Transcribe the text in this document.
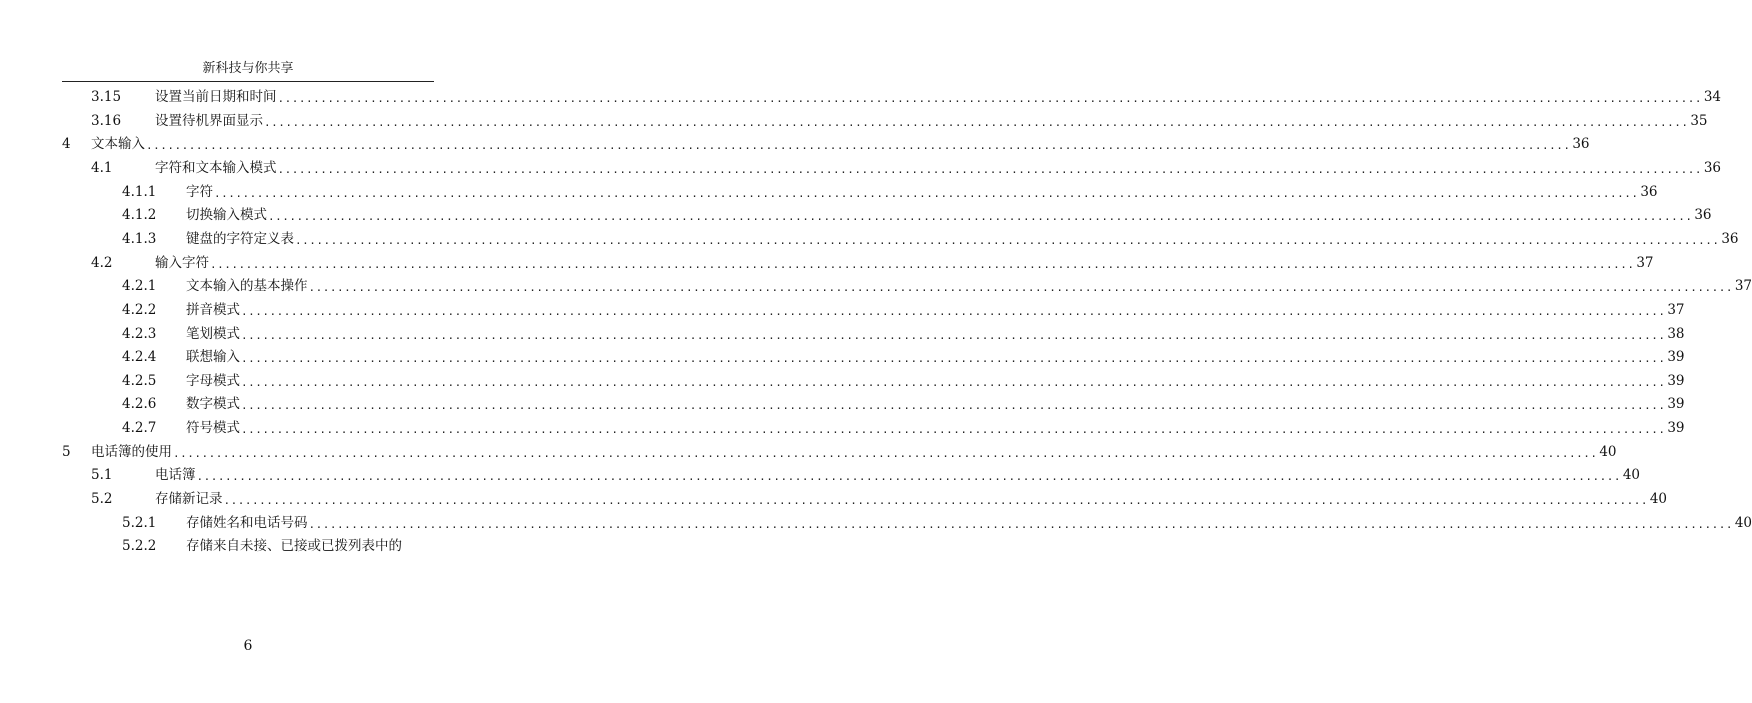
新科技与你共享
3.15	设置当前日期和时间 ........................................................................................................................................................................................................ 34
3.16	设置待机界面显示 ........................................................................................................................................................................................................ 35
4 文本输入 ........................................................................................................................................................................................................ 36
4.1	字符和文本输入模式 ........................................................................................................................................................................................................ 36
4.1.1 字符 ........................................................................................................................................................................................................ 36
4.1.2 切换输入模式 ........................................................................................................................................................................................................ 36
4.1.3 键盘的字符定义表 ........................................................................................................................................................................................................ 36
4.2	输入字符 ........................................................................................................................................................................................................ 37
4.2.1 文本输入的基本操作 ........................................................................................................................................................................................................ 37
4.2.2 拼音模式 ........................................................................................................................................................................................................ 37
4.2.3 笔划模式 ........................................................................................................................................................................................................ 38
4.2.4 联想输入 ........................................................................................................................................................................................................ 39
4.2.5 字母模式 ........................................................................................................................................................................................................ 39
4.2.6 数字模式 ........................................................................................................................................................................................................ 39
4.2.7 符号模式 ........................................................................................................................................................................................................ 39
5 电话簿的使用 ........................................................................................................................................................................................................ 40
5.1	电话簿 ........................................................................................................................................................................................................ 40
5.2	存储新记录 ........................................................................................................................................................................................................ 40
5.2.1 存储姓名和电话号码 ........................................................................................................................................................................................................ 40
5.2.2 存储来自未接、已接或已拨列表中的
6
